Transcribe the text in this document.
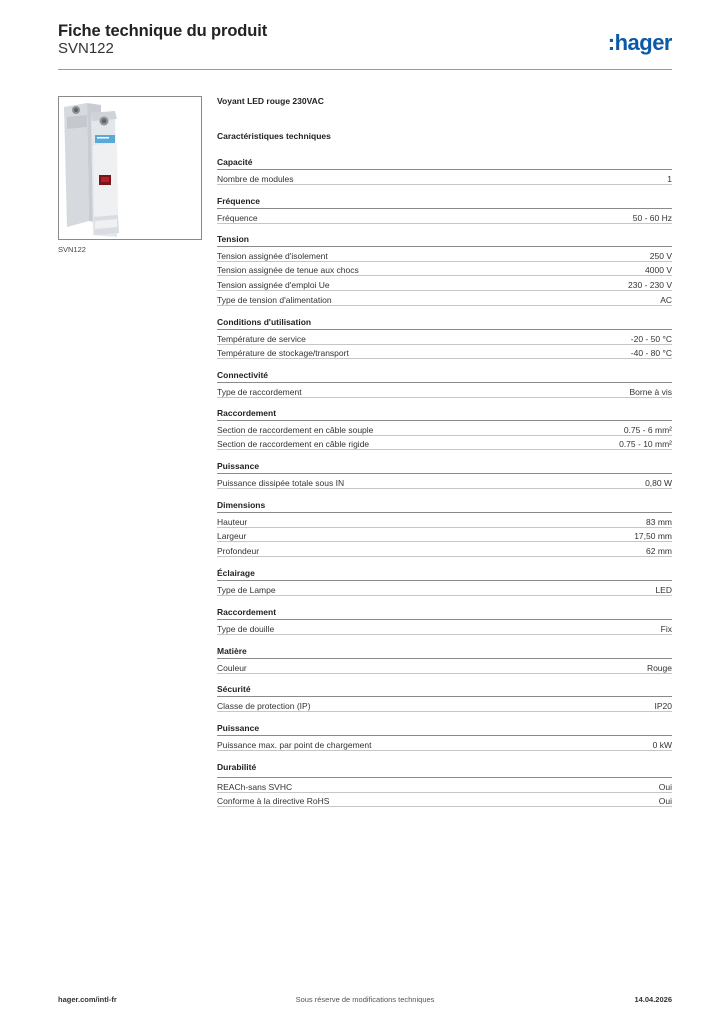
Fiche technique du produit
SVN122	:hager
SVN122
Voyant LED rouge 230VAC
Caractéristiques techniques
Capacité
Nombre de modules	1
Fréquence
Fréquence	50 - 60 Hz
Tension
Tension assignée d'isolement	250 V
Tension assignée de tenue aux chocs	4000 V
Tension assignée d'emploi Ue	230 - 230 V
Type de tension d'alimentation	AC
Conditions d'utilisation
Température de service	-20 - 50 °C
Température de stockage/transport	-40 - 80 °C
Connectivité
Type de raccordement	Borne à vis
Raccordement
Section de raccordement en câble souple	0.75 - 6 mm²
Section de raccordement en câble rigide	0.75 - 10 mm²
Puissance
Puissance dissipée totale sous IN	0,80 W
Dimensions
Hauteur	83 mm
Largeur	17,50 mm
Profondeur	62 mm
Éclairage
Type de Lampe	LED
Raccordement
Type de douille	Fix
Matière
Couleur	Rouge
Sécurité
Classe de protection (IP)	IP20
Puissance
Puissance max. par point de chargement	0 kW
Durabilité
REACh-sans SVHC	Oui
Conforme à la directive RoHS	Oui
hager.com/intl-fr	Sous réserve de modifications techniques	14.04.2026
